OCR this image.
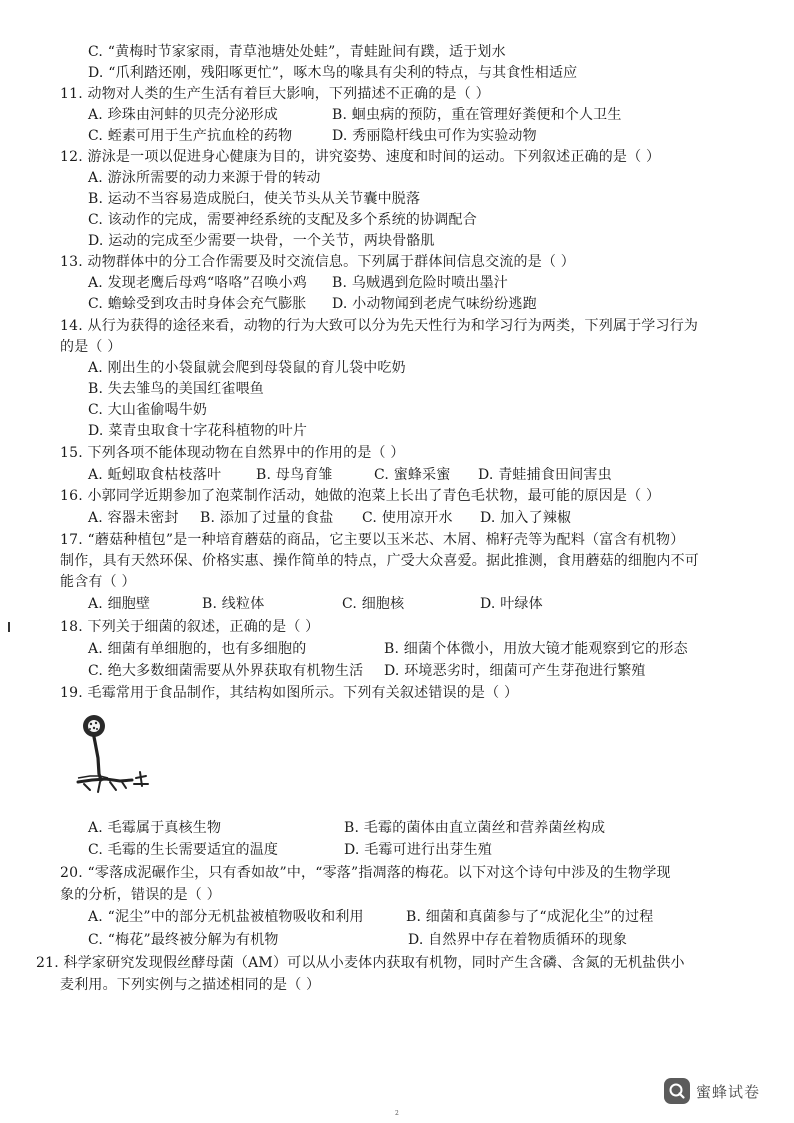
C. “黄梅时节家家雨，青草池塘处处蛙”，青蛙趾间有蹼，适于划水
D. “爪利踏还刚，残阳啄更忙”，啄木鸟的喙具有尖利的特点，与其食性相适应
11. 动物对人类的生产生活有着巨大影响，下列描述不正确的是（ ）
A. 珍珠由河蚌的贝壳分泌形成	B. 蛔虫病的预防，重在管理好粪便和个人卫生
C. 蛭素可用于生产抗血栓的药物	D. 秀丽隐杆线虫可作为实验动物
12. 游泳是一项以促进身心健康为目的，讲究姿势、速度和时间的运动。下列叙述正确的是（ ）
A. 游泳所需要的动力来源于骨的转动
B. 运动不当容易造成脱臼，使关节头从关节囊中脱落
C. 该动作的完成，需要神经系统的支配及多个系统的协调配合
D. 运动的完成至少需要一块骨，一个关节，两块骨骼肌
13. 动物群体中的分工合作需要及时交流信息。下列属于群体间信息交流的是（ ）
A. 发现老鹰后母鸡“咯咯”召唤小鸡 B. 乌贼遇到危险时喷出墨汁
C. 蟾蜍受到攻击时身体会充气膨胀 D. 小动物闻到老虎气味纷纷逃跑
14. 从行为获得的途径来看，动物的行为大致可以分为先天性行为和学习行为两类，下列属于学习行为
的是（ ）
A. 刚出生的小袋鼠就会爬到母袋鼠的育儿袋中吃奶
B. 失去雏鸟的美国红雀喂鱼
C. 大山雀偷喝牛奶
D. 菜青虫取食十字花科植物的叶片
15. 下列各项不能体现动物在自然界中的作用的是（ ）
A. 蚯蚓取食枯枝落叶 B. 母鸟育雏	C. 蜜蜂采蜜 D. 青蛙捕食田间害虫
16. 小郭同学近期参加了泡菜制作活动，她做的泡菜上长出了青色毛状物，最可能的原因是（ ）
A. 容器未密封 B. 添加了过量的食盐 C. 使用凉开水 D. 加入了辣椒
17. “蘑菇种植包”是一种培育蘑菇的商品，它主要以玉米芯、木屑、棉籽壳等为配料（富含有机物）
制作，具有天然环保、价格实惠、操作简单的特点，广受大众喜爱。据此推测，食用蘑菇的细胞内不可
能含有（ ）
A. 细胞壁	B. 线粒体	C. 细胞核	D. 叶绿体
18. 下列关于细菌的叙述，正确的是（ ）
A. 细菌有单细胞的，也有多细胞的	B. 细菌个体微小，用放大镜才能观察到它的形态
C. 绝大多数细菌需要从外界获取有机物生活 D. 环境恶劣时，细菌可产生芽孢进行繁殖
19. 毛霉常用于食品制作，其结构如图所示。下列有关叙述错误的是（ ）
A. 毛霉属于真核生物	B. 毛霉的菌体由直立菌丝和营养菌丝构成
C. 毛霉的生长需要适宜的温度	D. 毛霉可进行出芽生殖
20. “零落成泥碾作尘，只有香如故”中，“零落”指凋落的梅花。以下对这个诗句中涉及的生物学现
象的分析，错误的是（ ）
A. “泥尘”中的部分无机盐被植物吸收和利用	B. 细菌和真菌参与了“成泥化尘”的过程
C. “梅花”最终被分解为有机物	D. 自然界中存在着物质循环的现象
21. 科学家研究发现假丝酵母菌（AM）可以从小麦体内获取有机物，同时产生含磷、含氮的无机盐供小
麦利用。下列实例与之描述相同的是（ ）
2
蜜蜂试卷
